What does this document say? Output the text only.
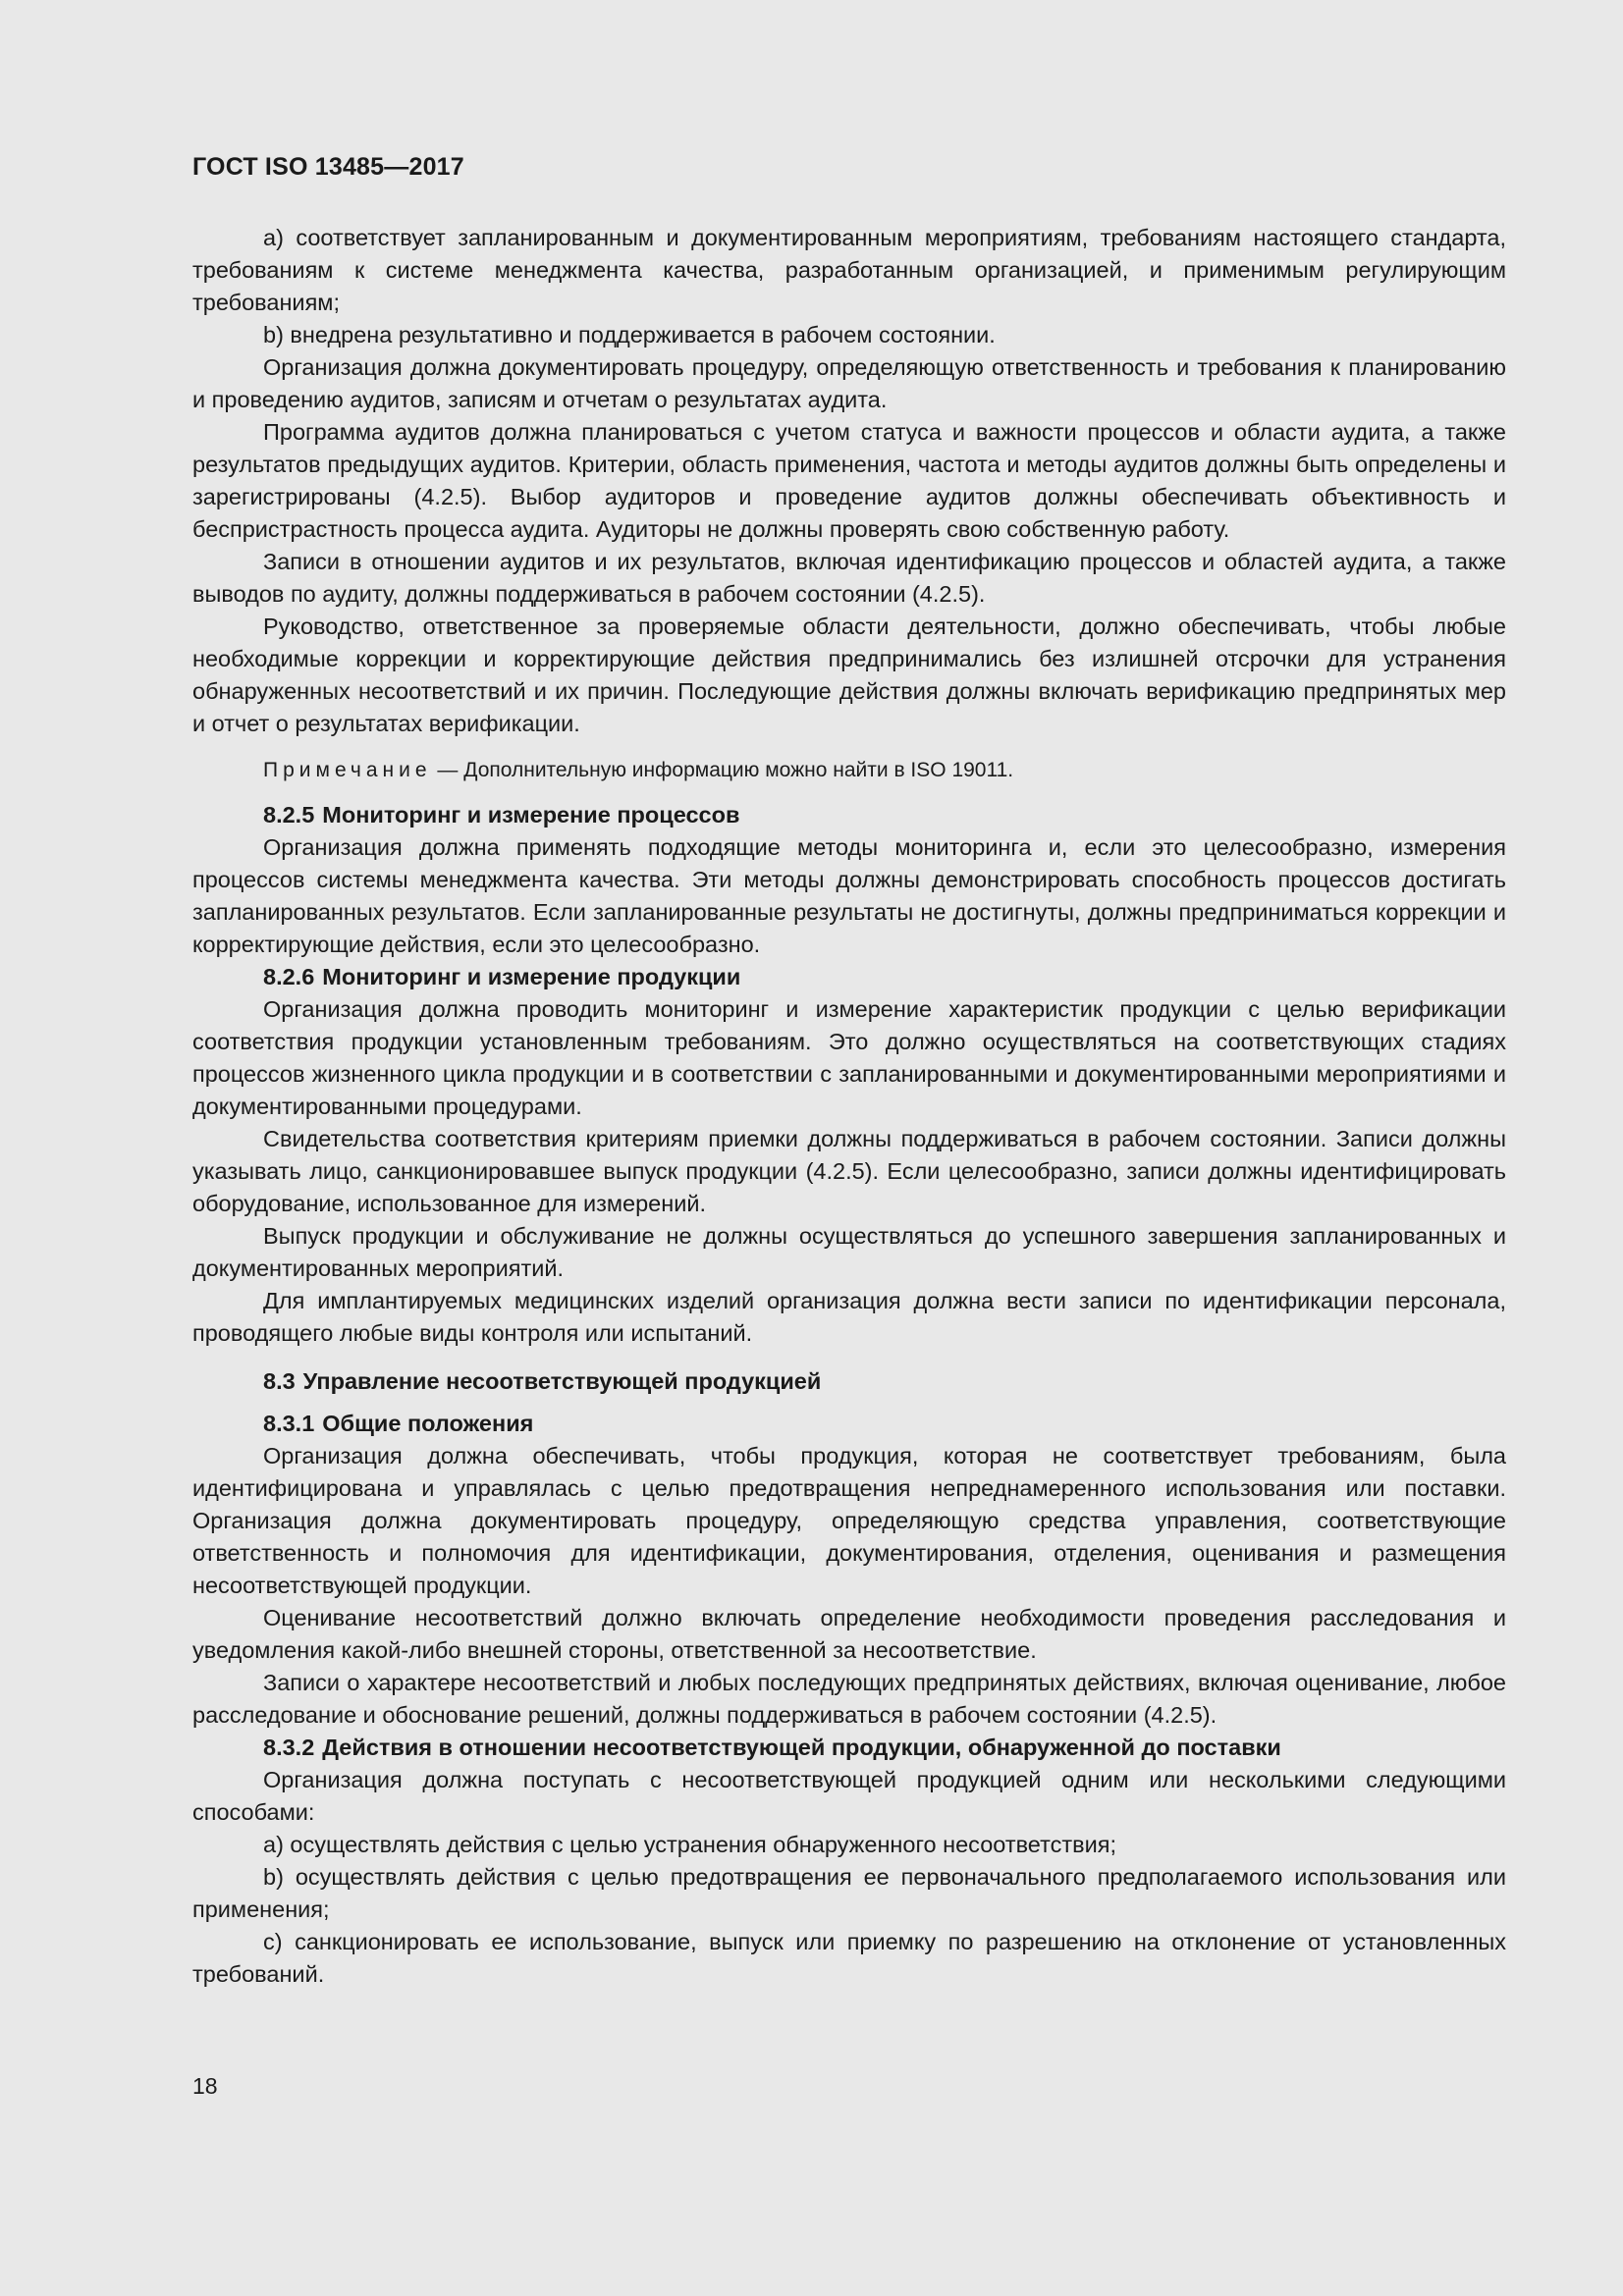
ГОСТ ISO 13485—2017

а) соответствует запланированным и документированным мероприятиям, требованиям настоящего стандарта, требованиям к системе менеджмента качества, разработанным организацией, и применимым регулирующим требованиям;

b) внедрена результативно и поддерживается в рабочем состоянии.

Организация должна документировать процедуру, определяющую ответственность и требования к планированию и проведению аудитов, записям и отчетам о результатах аудита.

Программа аудитов должна планироваться с учетом статуса и важности процессов и области аудита, а также результатов предыдущих аудитов. Критерии, область применения, частота и методы аудитов должны быть определены и зарегистрированы (4.2.5). Выбор аудиторов и проведение аудитов должны обеспечивать объективность и беспристрастность процесса аудита. Аудиторы не должны проверять свою собственную работу.

Записи в отношении аудитов и их результатов, включая идентификацию процессов и областей аудита, а также выводов по аудиту, должны поддерживаться в рабочем состоянии (4.2.5).

Руководство, ответственное за проверяемые области деятельности, должно обеспечивать, чтобы любые необходимые коррекции и корректирующие действия предпринимались без излишней отсрочки для устранения обнаруженных несоответствий и их причин. Последующие действия должны включать верификацию предпринятых мер и отчет о результатах верификации.

Примечание — Дополнительную информацию можно найти в ISO 19011.

8.2.5 Мониторинг и измерение процессов

Организация должна применять подходящие методы мониторинга и, если это целесообразно, измерения процессов системы менеджмента качества. Эти методы должны демонстрировать способность процессов достигать запланированных результатов. Если запланированные результаты не достигнуты, должны предприниматься коррекции и корректирующие действия, если это целесообразно.

8.2.6 Мониторинг и измерение продукции

Организация должна проводить мониторинг и измерение характеристик продукции с целью верификации соответствия продукции установленным требованиям. Это должно осуществляться на соответствующих стадиях процессов жизненного цикла продукции и в соответствии с запланированными и документированными мероприятиями и документированными процедурами.

Свидетельства соответствия критериям приемки должны поддерживаться в рабочем состоянии. Записи должны указывать лицо, санкционировавшее выпуск продукции (4.2.5). Если целесообразно, записи должны идентифицировать оборудование, использованное для измерений.

Выпуск продукции и обслуживание не должны осуществляться до успешного завершения запланированных и документированных мероприятий.

Для имплантируемых медицинских изделий организация должна вести записи по идентификации персонала, проводящего любые виды контроля или испытаний.

8.3 Управление несоответствующей продукцией
8.3.1 Общие положения

Организация должна обеспечивать, чтобы продукция, которая не соответствует требованиям, была идентифицирована и управлялась с целью предотвращения непреднамеренного использования или поставки. Организация должна документировать процедуру, определяющую средства управления, соответствующие ответственность и полномочия для идентификации, документирования, отделения, оценивания и размещения несоответствующей продукции.

Оценивание несоответствий должно включать определение необходимости проведения расследования и уведомления какой-либо внешней стороны, ответственной за несоответствие.

Записи о характере несоответствий и любых последующих предпринятых действиях, включая оценивание, любое расследование и обоснование решений, должны поддерживаться в рабочем состоянии (4.2.5).

8.3.2 Действия в отношении несоответствующей продукции, обнаруженной до поставки

Организация должна поступать с несоответствующей продукцией одним или несколькими следующими способами:

а) осуществлять действия с целью устранения обнаруженного несоответствия;

b) осуществлять действия с целью предотвращения ее первоначального предполагаемого использования или применения;

c) санкционировать ее использование, выпуск или приемку по разрешению на отклонение от установленных требований.

18
